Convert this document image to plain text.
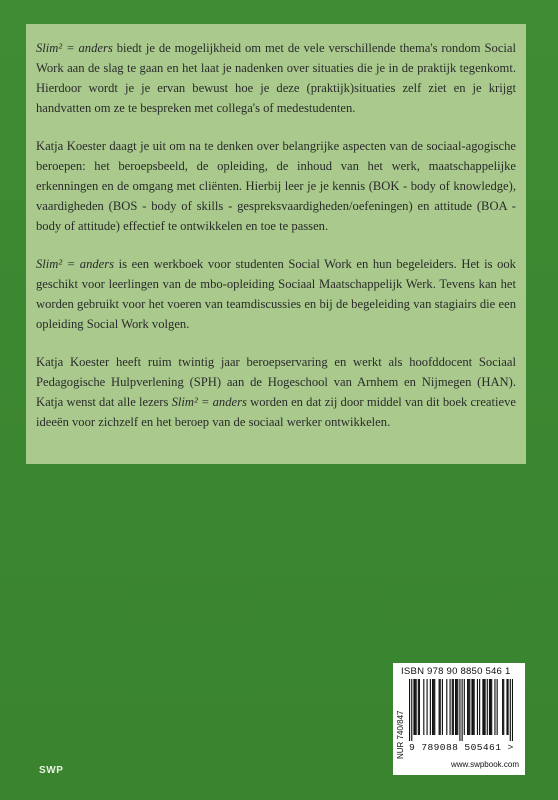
Slim² = anders biedt je de mogelijkheid om met de vele verschillende thema's rondom Social Work aan de slag te gaan en het laat je nadenken over situaties die je in de praktijk tegenkomt. Hierdoor wordt je je ervan bewust hoe je deze (praktijk)situaties zelf ziet en je krijgt handvatten om ze te bespreken met collega's of medestudenten.

Katja Koester daagt je uit om na te denken over belangrijke aspecten van de sociaal-agogische beroepen: het beroepsbeeld, de opleiding, de inhoud van het werk, maatschappelijke erkenningen en de omgang met cliënten. Hierbij leer je je kennis (BOK - body of knowledge), vaardigheden (BOS - body of skills - gespreksvaardigheden/oefeningen) en attitude (BOA - body of attitude) effectief te ontwikkelen en toe te passen.

Slim² = anders is een werkboek voor studenten Social Work en hun begeleiders. Het is ook geschikt voor leerlingen van de mbo-opleiding Sociaal Maatschappelijk Werk. Tevens kan het worden gebruikt voor het voeren van teamdiscussies en bij de begeleiding van stagiairs die een opleiding Social Work volgen.

Katja Koester heeft ruim twintig jaar beroepservaring en werkt als hoofddocent Sociaal Pedagogische Hulpverlening (SPH) aan de Hogeschool van Arnhem en Nijmegen (HAN). Katja wenst dat alle lezers Slim² = anders worden en dat zij door middel van dit boek creatieve ideeën voor zichzelf en het beroep van de sociaal werker ontwikkelen.

ISBN 978 90 8850 546 1
NUR 740/847 9 789088 505461 >
www.swpbook.com
SWP
